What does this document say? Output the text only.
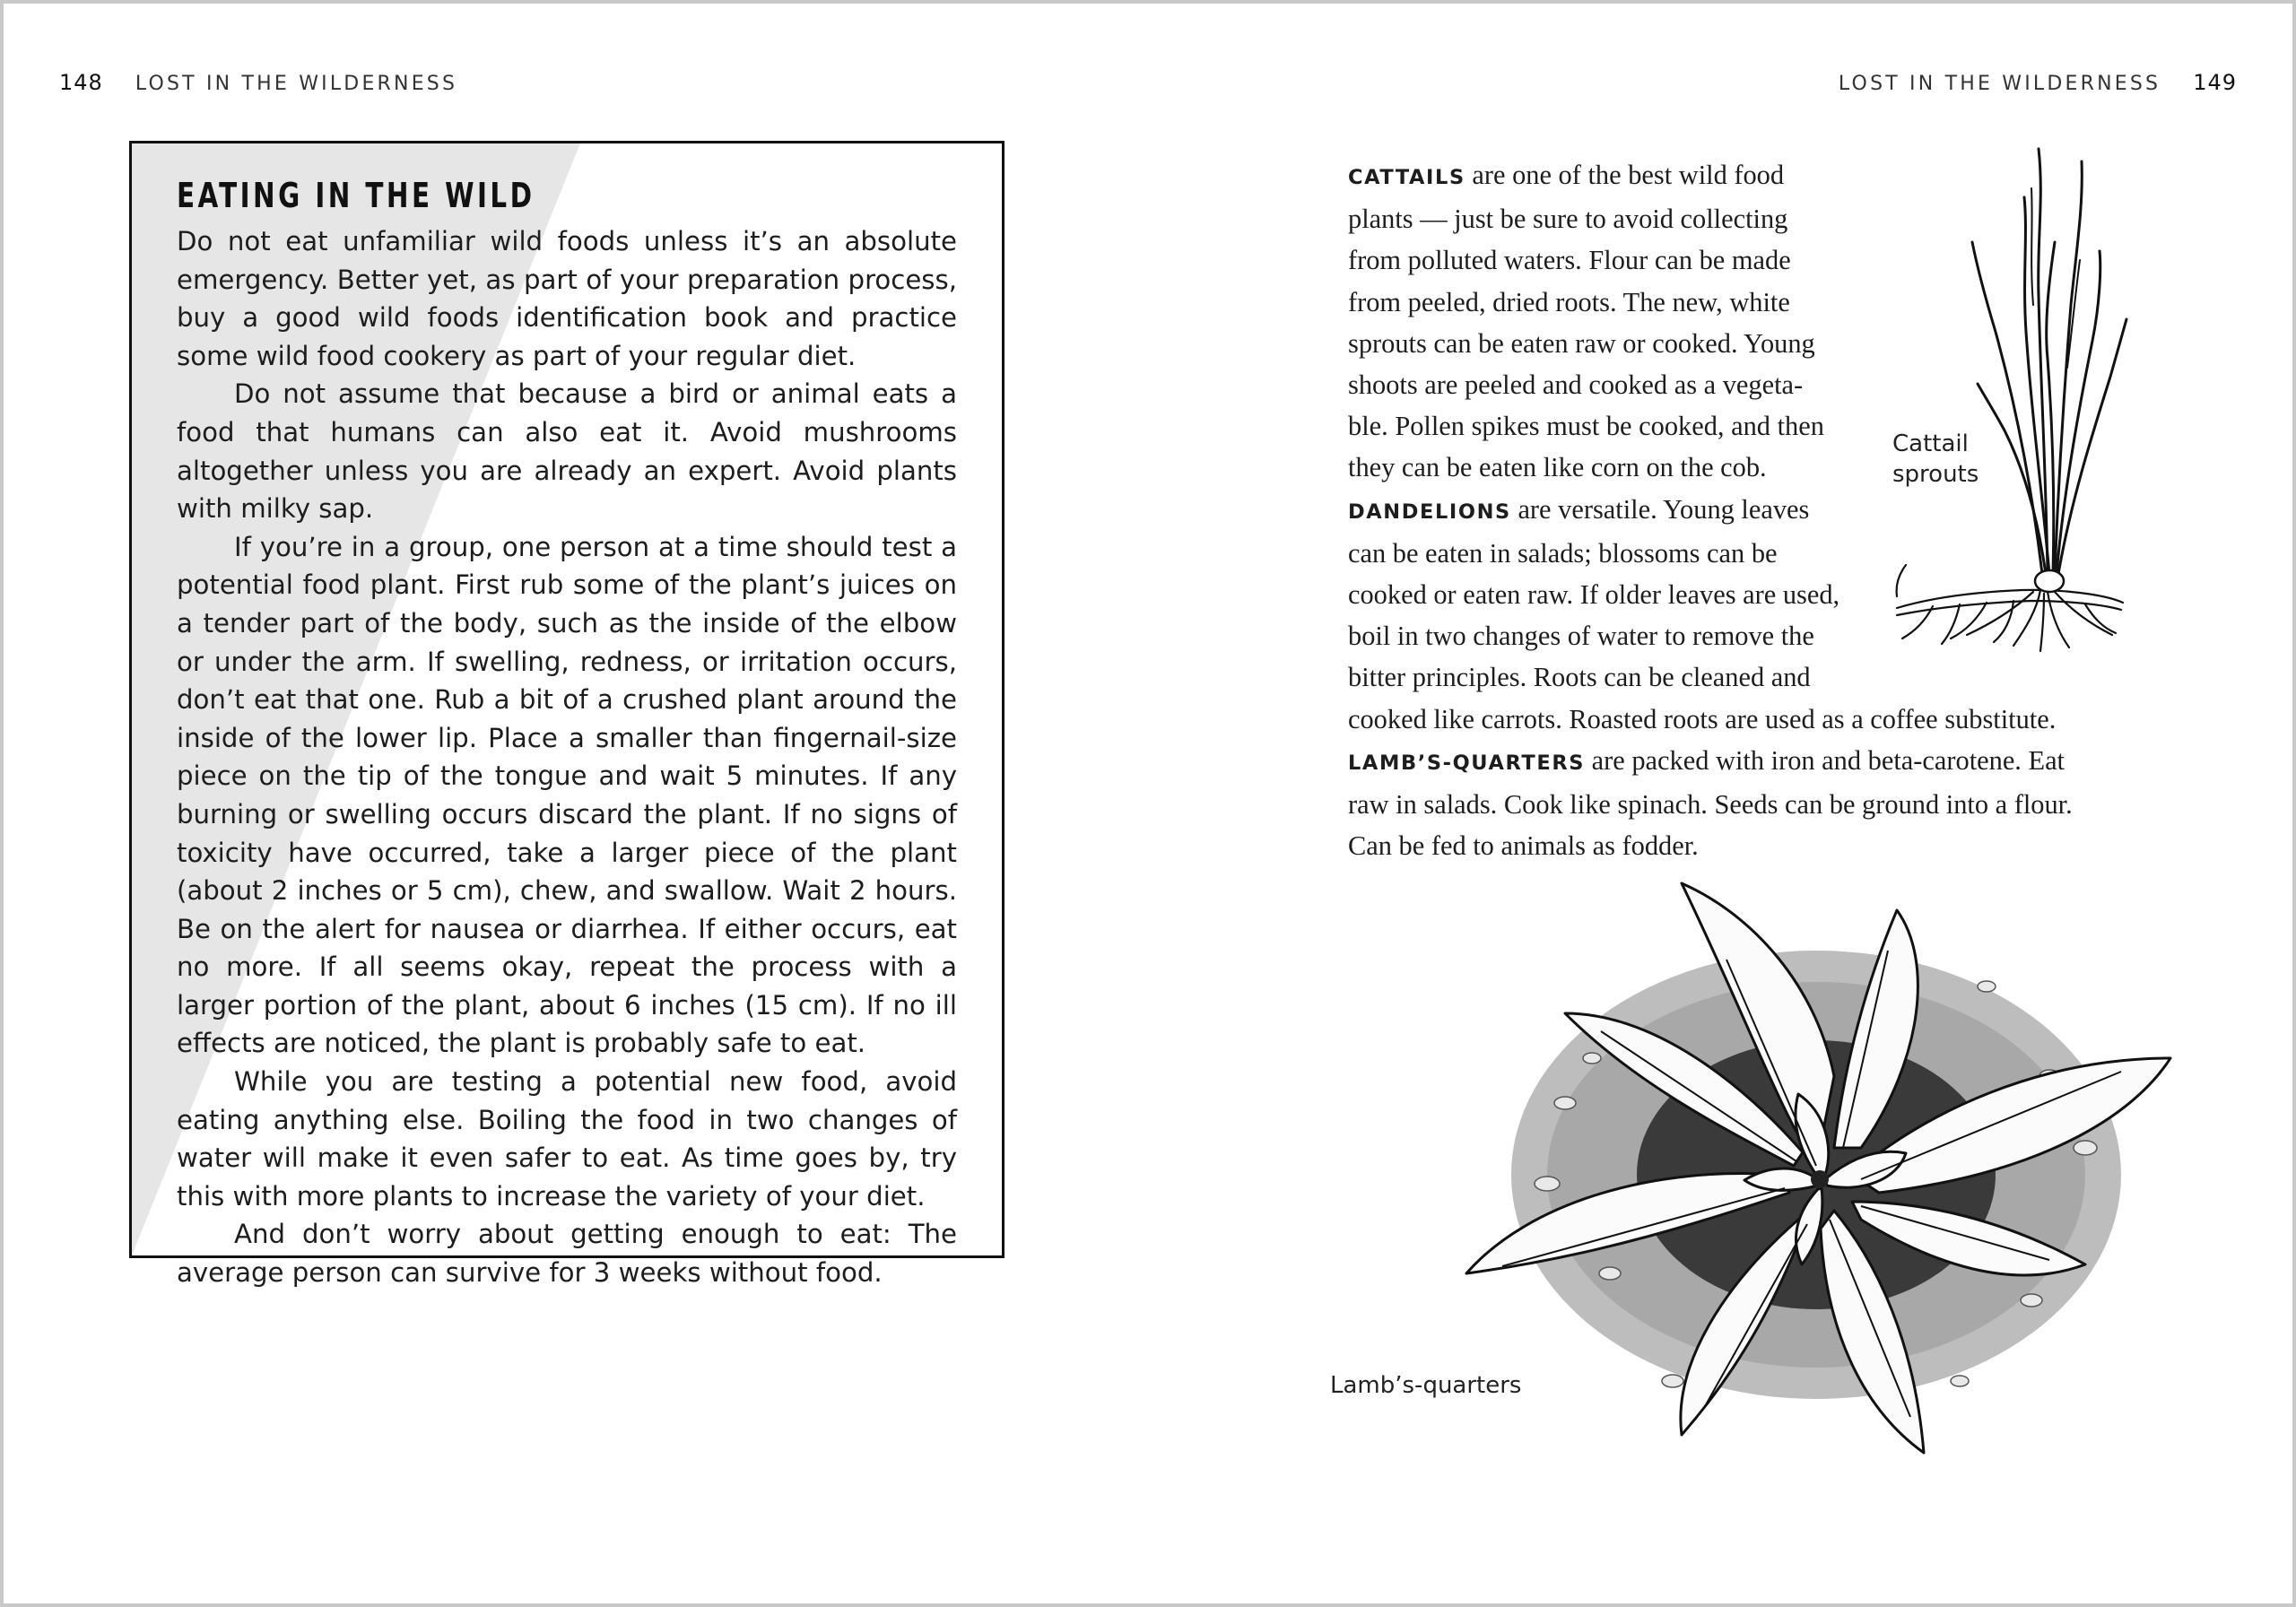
148 LOST IN THE WILDERNESS	LOST IN THE WILDERNESS 149
EATING IN THE WILD

Do not eat unfamiliar wild foods unless it’s an absolute emergency. Better yet, as part of your preparation process, buy a good wild foods identification book and practice some wild food cookery as part of your regular diet.

Do not assume that because a bird or animal eats a food that humans can also eat it. Avoid mushrooms altogether unless you are already an expert. Avoid plants with milky sap.

If you’re in a group, one person at a time should test a potential food plant. First rub some of the plant’s juices on a tender part of the body, such as the inside of the elbow or under the arm. If swelling, redness, or irritation occurs, don’t eat that one. Rub a bit of a crushed plant around the inside of the lower lip. Place a smaller than fingernail-size piece on the tip of the tongue and wait 5 minutes. If any burning or swelling occurs discard the plant. If no signs of toxicity have occurred, take a larger piece of the plant (about 2 inches or 5 cm), chew, and swallow. Wait 2 hours. Be on the alert for nausea or diarrhea. If either occurs, eat no more. If all seems okay, repeat the process with a larger portion of the plant, about 6 inches (15 cm). If no ill effects are noticed, the plant is probably safe to eat.

While you are testing a potential new food, avoid eating anything else. Boiling the food in two changes of water will make it even safer to eat. As time goes by, try this with more plants to increase the variety of your diet.

And don’t worry about getting enough to eat: The average person can survive for 3 weeks without food.

CATTAILS are one of the best wild food
plants — just be sure to avoid collecting
from polluted waters. Flour can be made
from peeled, dried roots. The new, white
sprouts can be eaten raw or cooked. Young
shoots are peeled and cooked as a vegeta-
ble. Pollen spikes must be cooked, and then
they can be eaten like corn on the cob.

DANDELIONS are versatile. Young leaves
can be eaten in salads; blossoms can be
cooked or eaten raw. If older leaves are used,
boil in two changes of water to remove the
bitter principles. Roots can be cleaned and
cooked like carrots. Roasted roots are used as a coffee substitute.

LAMB’S-QUARTERS are packed with iron and beta-carotene. Eat
raw in salads. Cook like spinach. Seeds can be ground into a flour.
Can be fed to animals as fodder.

Cattail
sprouts
Lamb’s-quarters
